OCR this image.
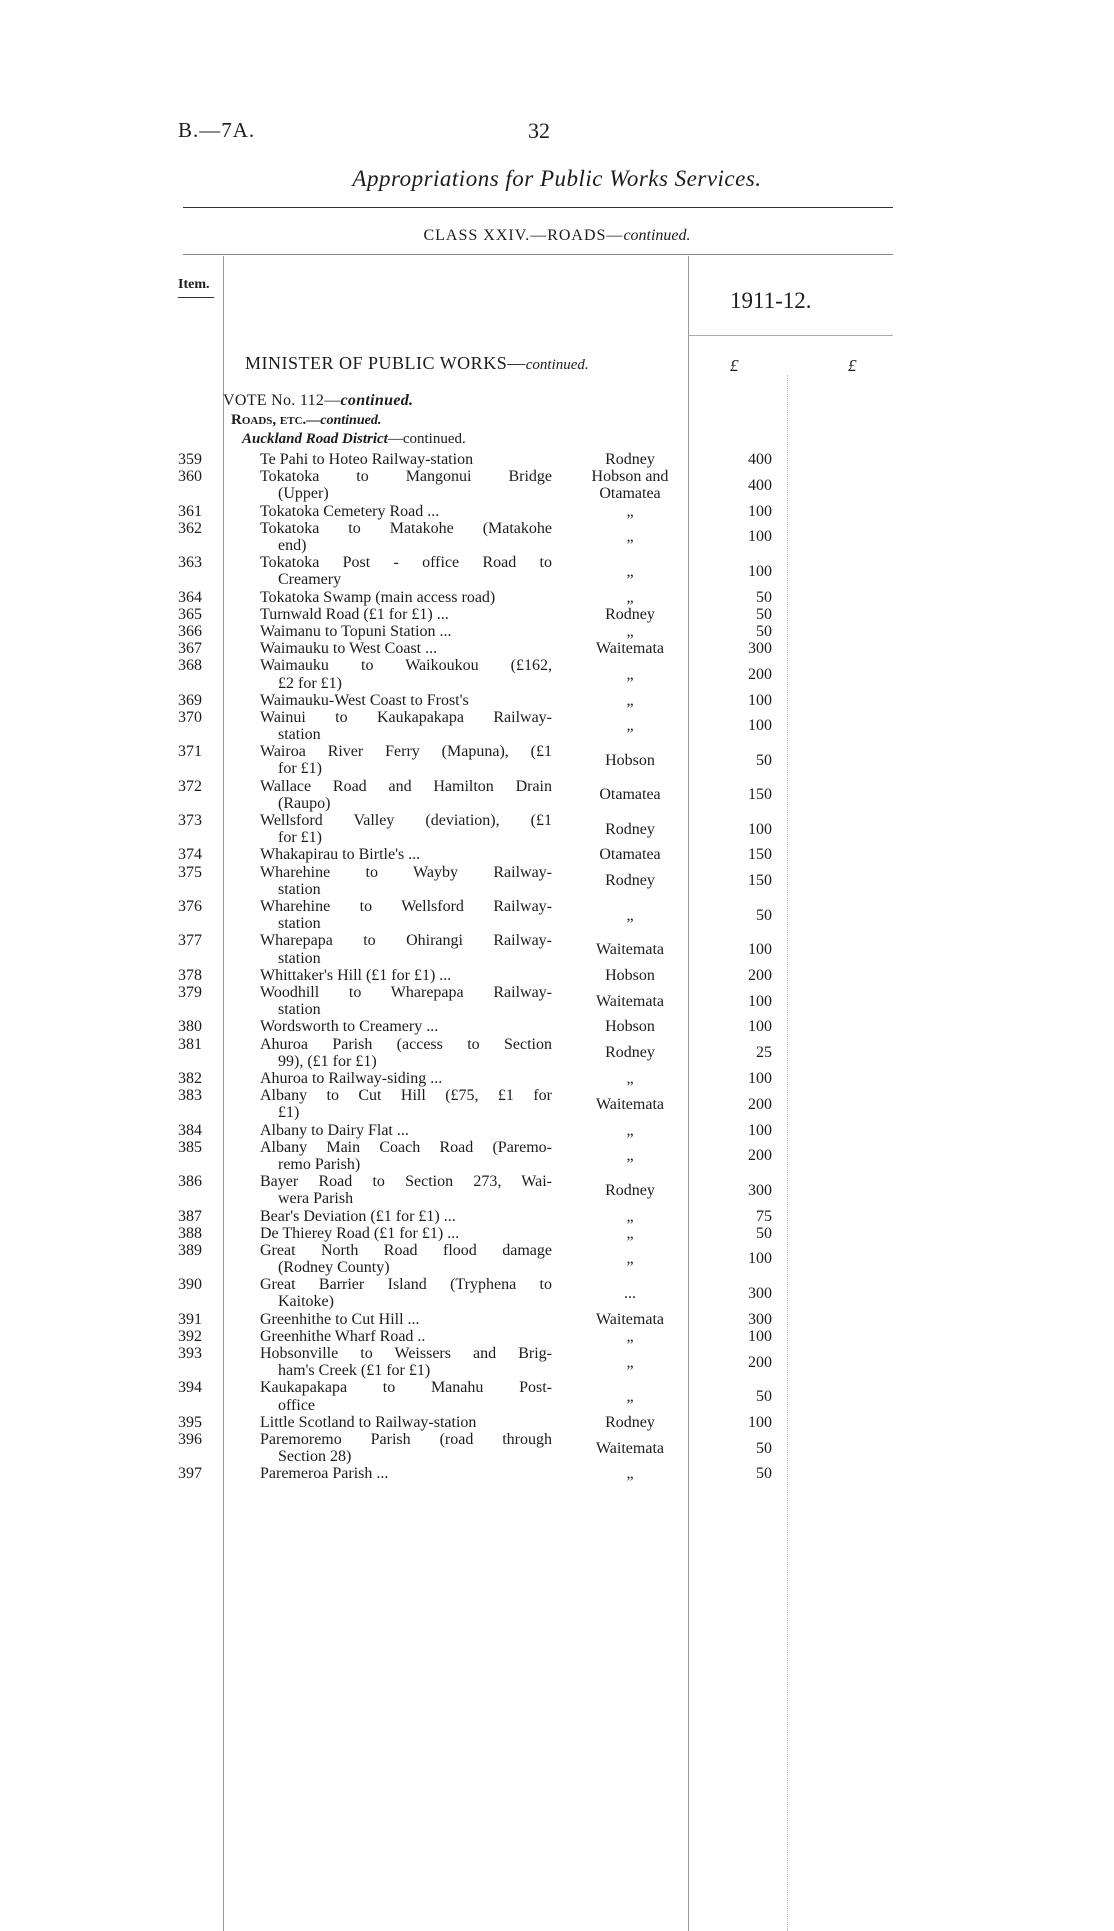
B.—7A.	32
Appropriations for Public Works Services.
CLASS XXIV.—ROADS—continued.
Item.
1911-12.
MINISTER OF PUBLIC WORKS—continued.	£	£
VOTE No. 112—continued.
Roads, etc.—continued.
Auckland Road District—continued.
359	Te Pahi to Hoteo Railway-station	Rodney	400
360	Tokatoka to Mangonui Bridge
(Upper)
Hobson and Otamatea
400
361	Tokatoka Cemetery Road ...	„	100
362	Tokatoka to Matakohe (Matakohe
end)
„	100
363	Tokatoka Post - office Road to
Creamery
„	100
364	Tokatoka Swamp (main access road)	„	50
365	Turnwald Road (£1 for £1) ...	Rodney	50
366	Waimanu to Topuni Station ...	„	50
367	Waimauku to West Coast ...	Waitemata	300
368	Waimauku to Waikoukou (£162,
£2 for £1)
„	200
369	Waimauku-West Coast to Frost's	„	100
370	Wainui to Kaukapakapa Railway-
station
„	100
371	Wairoa River Ferry (Mapuna), (£1
for £1)
Hobson	50
372	Wallace Road and Hamilton Drain
(Raupo)
Otamatea	150
373	Wellsford Valley (deviation), (£1
for £1)
Rodney	100
374	Whakapirau to Birtle's ...	Otamatea	150
375	Wharehine to Wayby Railway-
station
Rodney	150
376	Wharehine to Wellsford Railway-
station
„	50
377	Wharepapa to Ohirangi Railway-
station
Waitemata	100
378	Whittaker's Hill (£1 for £1) ...	Hobson	200
379	Woodhill to Wharepapa Railway-
station
Waitemata	100
380	Wordsworth to Creamery ...	Hobson	100
381	Ahuroa Parish (access to Section
99), (£1 for £1)
Rodney	25
382	Ahuroa to Railway-siding ...	„	100
383	Albany to Cut Hill (£75, £1 for
£1)
Waitemata	200
384	Albany to Dairy Flat ...	„	100
385	Albany Main Coach Road (Paremo-
remo Parish)
„	200
386	Bayer Road to Section 273, Wai-
wera Parish
Rodney	300
387	Bear's Deviation (£1 for £1) ...	„	75
388	De Thierey Road (£1 for £1) ...	„	50
389	Great North Road flood damage
(Rodney County)
„	100
390	Great Barrier Island (Tryphena to
Kaitoke)
...	300
391	Greenhithe to Cut Hill ...	Waitemata	300
392	Greenhithe Wharf Road ..	„	100
393	Hobsonville to Weissers and Brig-
ham's Creek (£1 for £1)
„	200
394	Kaukapakapa to Manahu Post-
office
„	50
395	Little Scotland to Railway-station	Rodney	100
396	Paremoremo Parish (road through
Section 28)
Waitemata	50
397	Paremeroa Parish ...	„	50
